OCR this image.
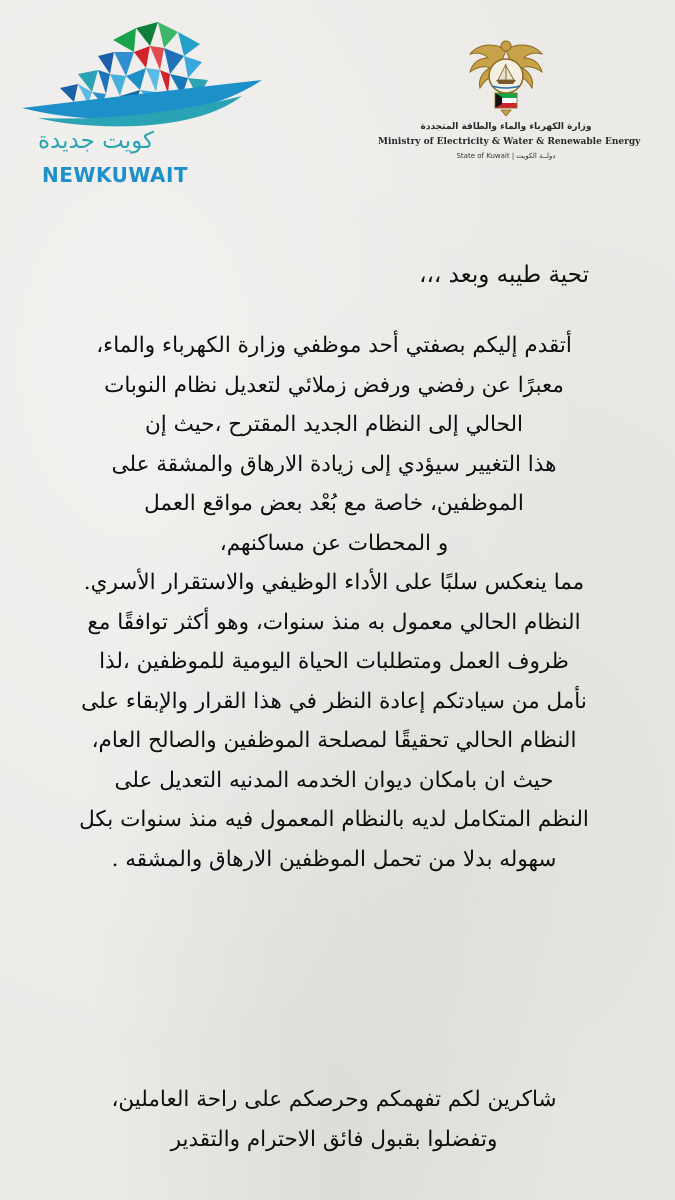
كويت جديدة
NEWKUWAIT
وزارة الكهرباء والماء والطاقة المتجددة
Ministry of Electricity & Water & Renewable Energy
State of Kuwait | دولــة الكويت
تحية طيبه وبعد ،،،
أتقدم إليكم بصفتي أحد موظفي وزارة الكهرباء والماء،
معبرًا عن رفضي ورفض زملائي لتعديل نظام النوبات
الحالي إلى النظام الجديد المقترح ،حيث إن
هذا التغيير سيؤدي إلى زيادة الارهاق والمشقة على
الموظفين، خاصة مع بُعْد بعض مواقع العمل
و المحطات عن مساكنهم،
مما ينعكس سلبًا على الأداء الوظيفي والاستقرار الأسري.
النظام الحالي معمول به منذ سنوات، وهو أكثر توافقًا مع
ظروف العمل ومتطلبات الحياة اليومية للموظفين ،لذا
نأمل من سيادتكم إعادة النظر في هذا القرار والإبقاء على
النظام الحالي تحقيقًا لمصلحة الموظفين والصالح العام،
حيث ان بامكان ديوان الخدمه المدنيه التعديل على
النظم المتكامل لديه بالنظام المعمول فيه منذ سنوات بكل
سهوله بدلا من تحمل الموظفين الارهاق والمشقه .
شاكرين لكم تفهمكم وحرصكم على راحة العاملين،
وتفضلوا بقبول فائق الاحترام والتقدير
